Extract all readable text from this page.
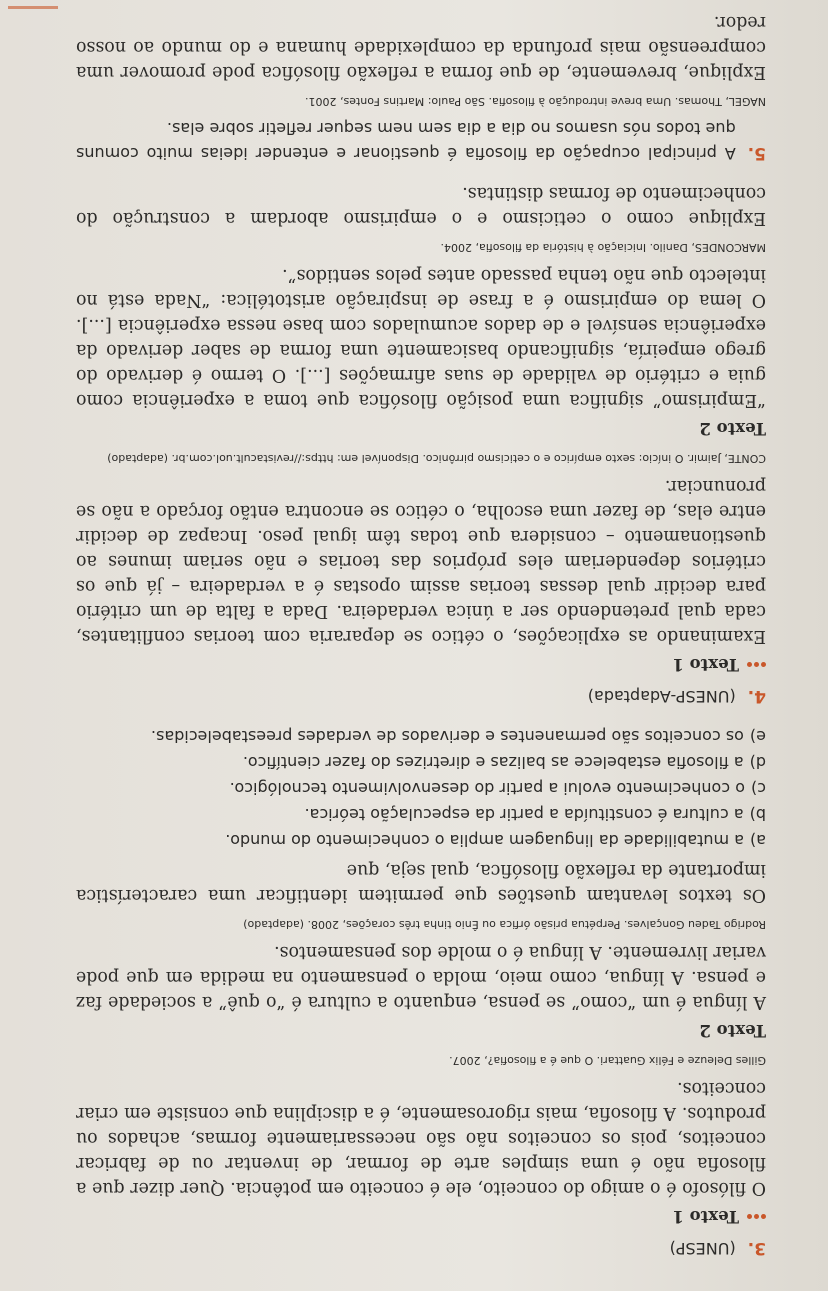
3.
(UNESP)
Texto 1

O filósofo é o amigo do conceito, ele é conceito em potência. Quer dizer que a filosofia não é uma simples arte de formar, de inventar ou de fabricar conceitos, pois os conceitos não são necessariamente formas, achados ou produtos. A filosofia, mais rigorosamente, é a disciplina que consiste em criar conceitos.

Gilles Deleuze e Félix Guattari. O que é a filosofia?, 2007.
Texto 2

A língua é um “como” se pensa, enquanto a cultura é “o quê” a sociedade faz e pensa. A língua, como meio, molda o pensamento na medida em que pode variar livremente. A língua é o molde dos pensamentos.

Rodrigo Tadeu Gonçalves. Perpétua prisão órfica ou Ênio tinha três corações, 2008. (adaptado)

Os textos levantam questões que permitem identificar uma característica importante da reflexão filosófica, qual seja, que

a)
a mutabilidade da linguagem amplia o conhecimento do mundo.
b)
a cultura é constituída a partir da especulação teórica.
c)
o conhecimento evolui a partir do desenvolvimento tecnológico.
d)
a filosofia estabelece as balizas e diretrizes do fazer científico.
e)
os conceitos são permanentes e derivados de verdades preestabelecidas.
4.
(UNESP-Adaptada)
Texto 1

Examinando as explicações, o cético se depararia com teorias conflitantes, cada qual pretendendo ser a única verdadeira. Dada a falta de um critério para decidir qual dessas teorias assim opostas é a verdadeira – já que os critérios dependeriam eles próprios das teorias e não seriam imunes ao questionamento – considera que todas têm igual peso. Incapaz de decidir entre elas, de fazer uma escolha, o cético se encontra então forçado a não se pronunciar.

CONTE, Jaimir. O início: sexto empírico e o ceticismo pirrônico. Disponível em: https://revistacult.uol.com.br. (adaptado)
Texto 2

“Empirismo” significa uma posição filosófica que toma a experiência como guia e critério de validade de suas afirmações [...]. O termo é derivado do grego empeiría, significando basicamente uma forma de saber derivado da experiência sensível e de dados acumulados com base nessa experiência [...]. O lema do empirismo é a frase de inspiração aristotélica: “Nada está no intelecto que não tenha passado antes pelos sentidos”.

MARCONDES, Danilo. Iniciação à história da filosofia, 2004.

Explique como o ceticismo e o empirismo abordam a construção do conhecimento de formas distintas.

5.
A principal ocupação da filosofia é questionar e entender ideias muito comuns que todos nós usamos no dia a dia sem nem sequer refletir sobre elas.
NAGEL, Thomas. Uma breve introdução à filosofia. São Paulo: Martins Fontes, 2001.

Explique, brevemente, de que forma a reflexão filosófica pode promover uma compreensão mais profunda da complexidade humana e do mundo ao nosso redor.
